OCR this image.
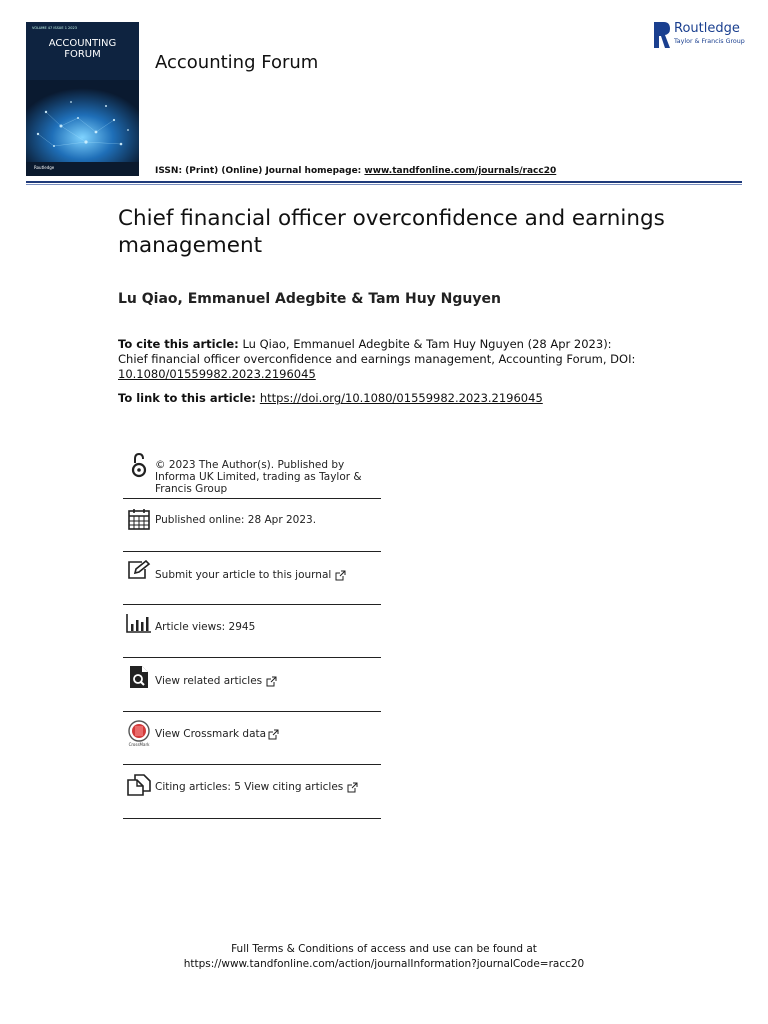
VOLUME 47 ISSUE 1 2023
ACCOUNTING
FORUM
Routledge
Accounting Forum
Routledge
Taylor & Francis Group
ISSN: (Print) (Online) Journal homepage: www.tandfonline.com/journals/racc20
Chief financial officer overconfidence and earnings management
Lu Qiao, Emmanuel Adegbite & Tam Huy Nguyen
To cite this article: Lu Qiao, Emmanuel Adegbite & Tam Huy Nguyen (28 Apr 2023): Chief financial officer overconfidence and earnings management, Accounting Forum, DOI: 10.1080/01559982.2023.2196045
To link to this article: https://doi.org/10.1080/01559982.2023.2196045
© 2023 The Author(s). Published by Informa UK Limited, trading as Taylor & Francis Group
Published online: 28 Apr 2023.
Submit your article to this journal
Article views: 2945
View related articles
CrossMark
View Crossmark data
Citing articles: 5 View citing articles
Full Terms & Conditions of access and use can be found at
https://www.tandfonline.com/action/journalInformation?journalCode=racc20
